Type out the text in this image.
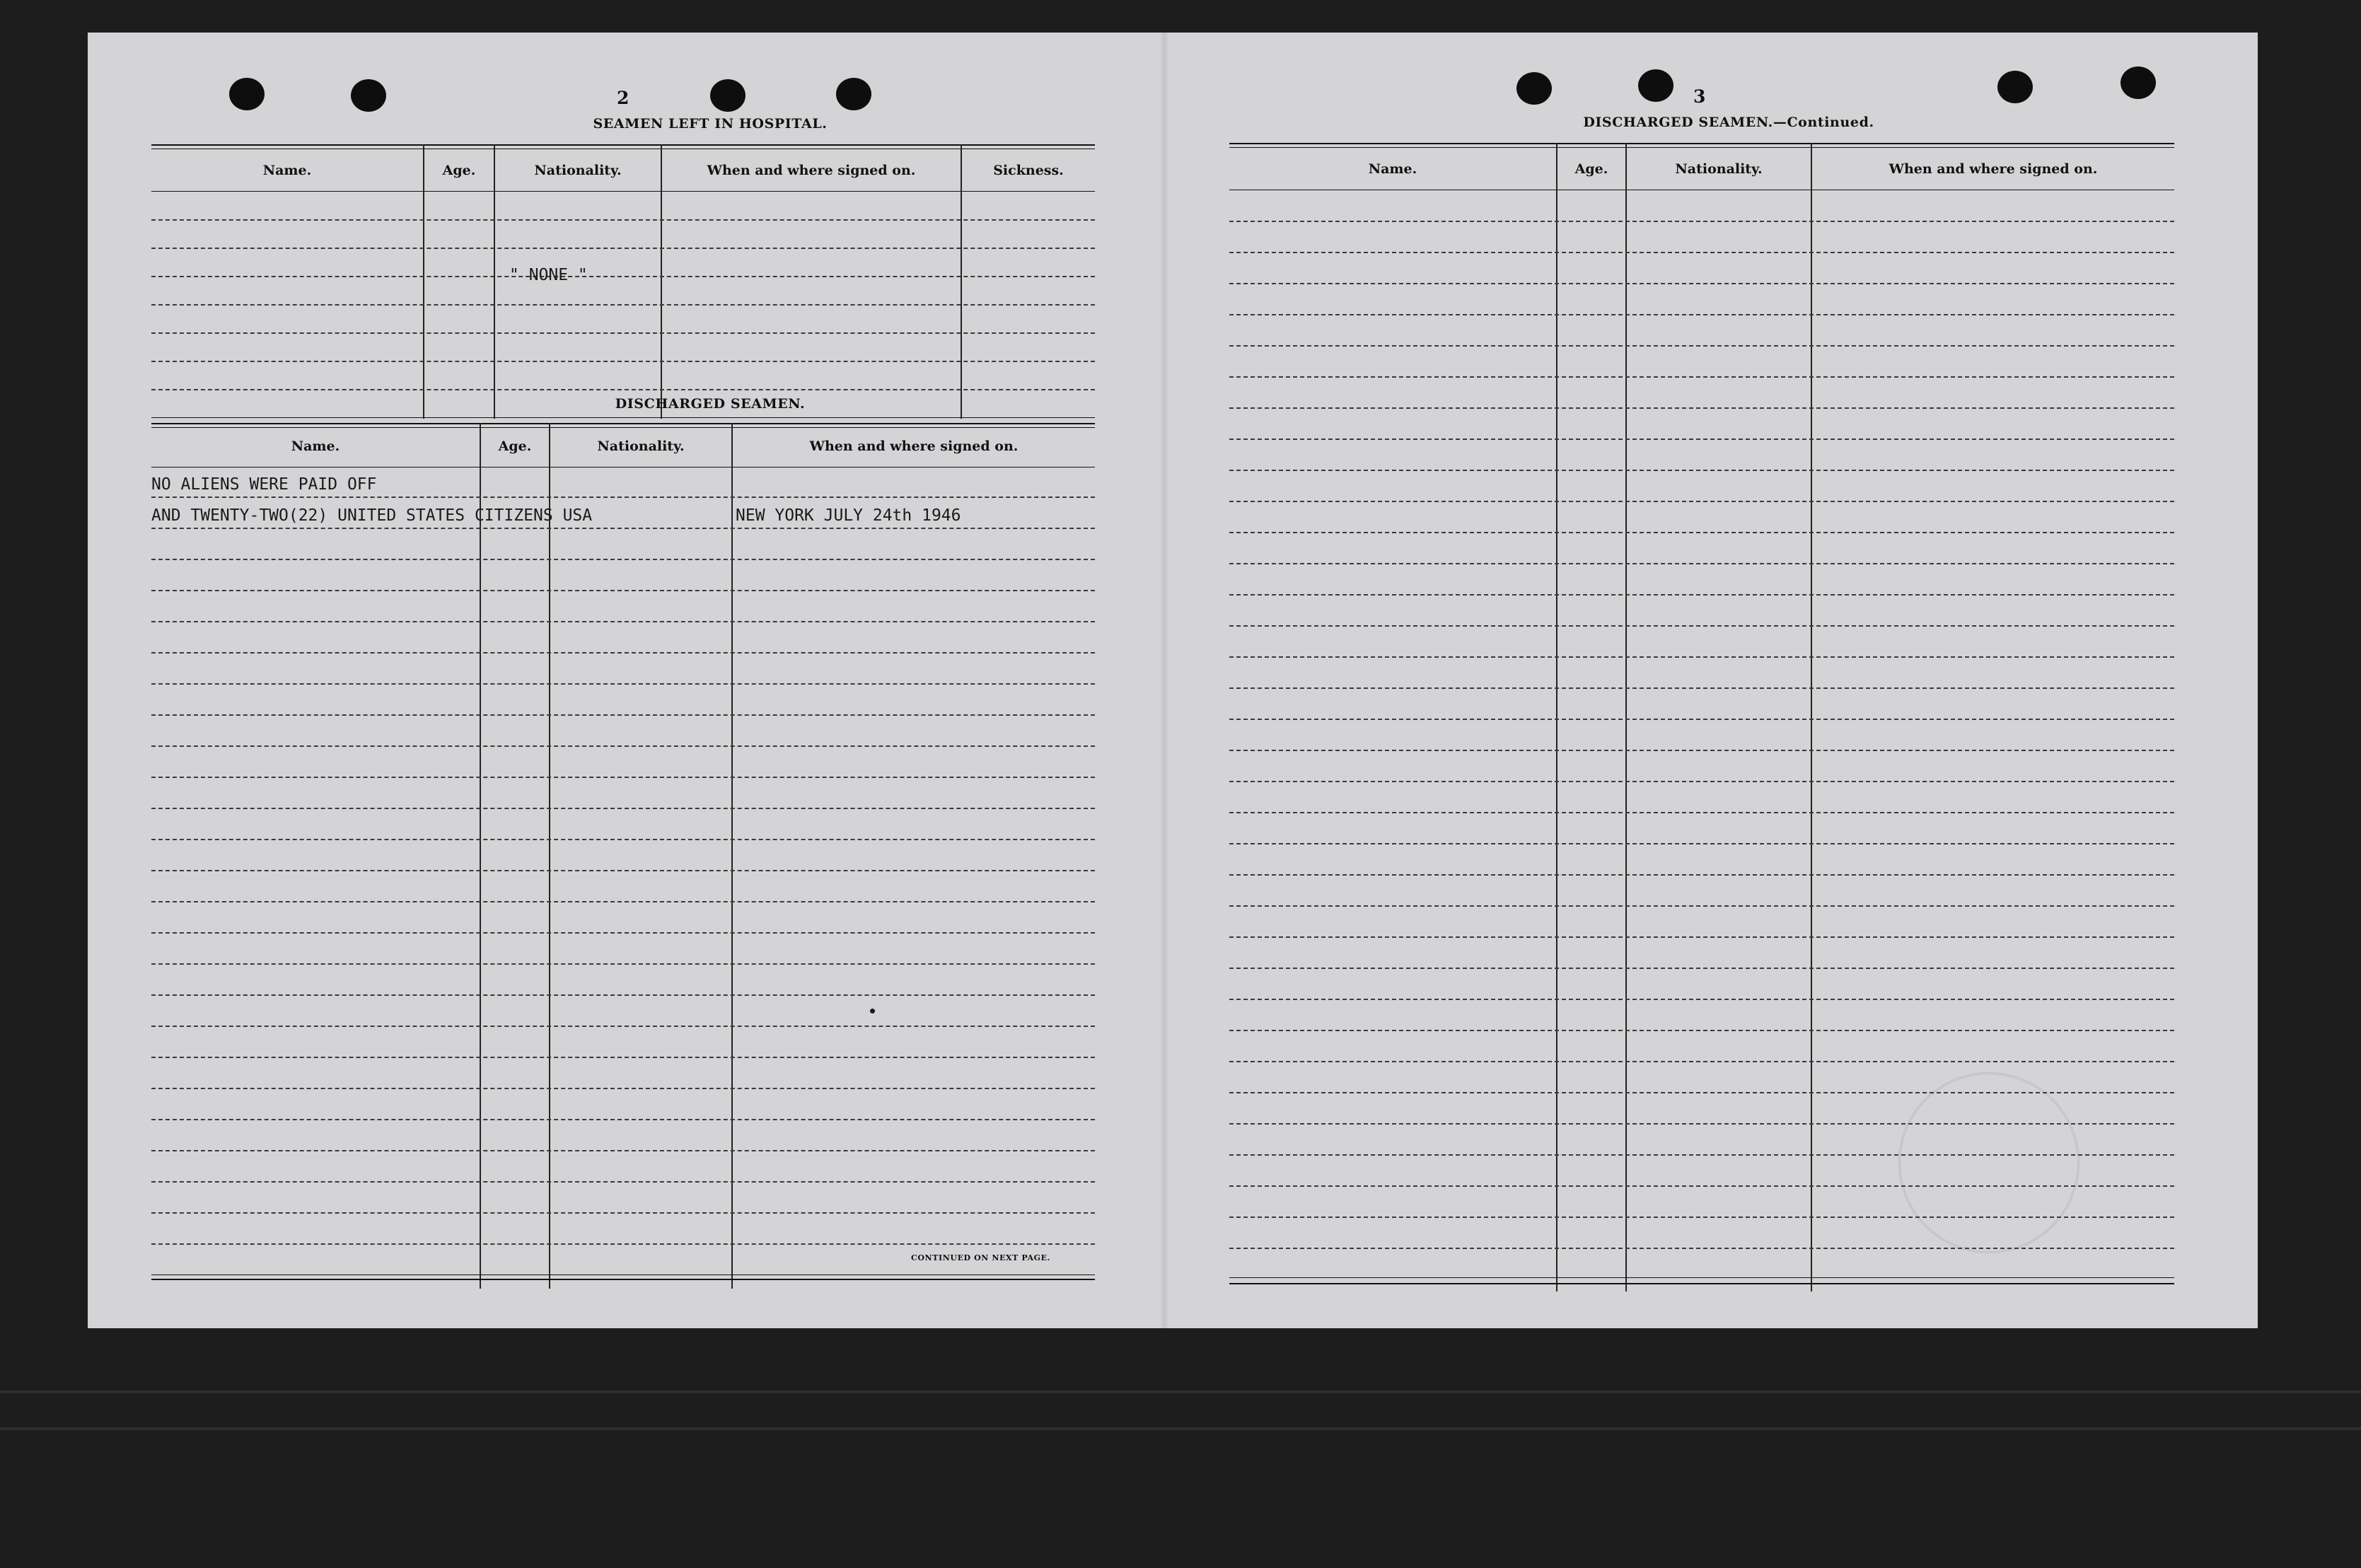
2
SEAMEN LEFT IN HOSPITAL.
Name.	Age.	Nationality.	When and where signed on.	Sickness.
" NONE "
DISCHARGED SEAMEN.
Name.	Age.	Nationality.	When and where signed on.
NO ALIENS WERE PAID OFF
AND TWENTY-TWO(22) UNITED STATES CITIZENS USA	NEW YORK JULY 24th 1946
CONTINUED ON NEXT PAGE.
3
DISCHARGED SEAMEN.—Continued.
Name.	Age.	Nationality.	When and where signed on.
